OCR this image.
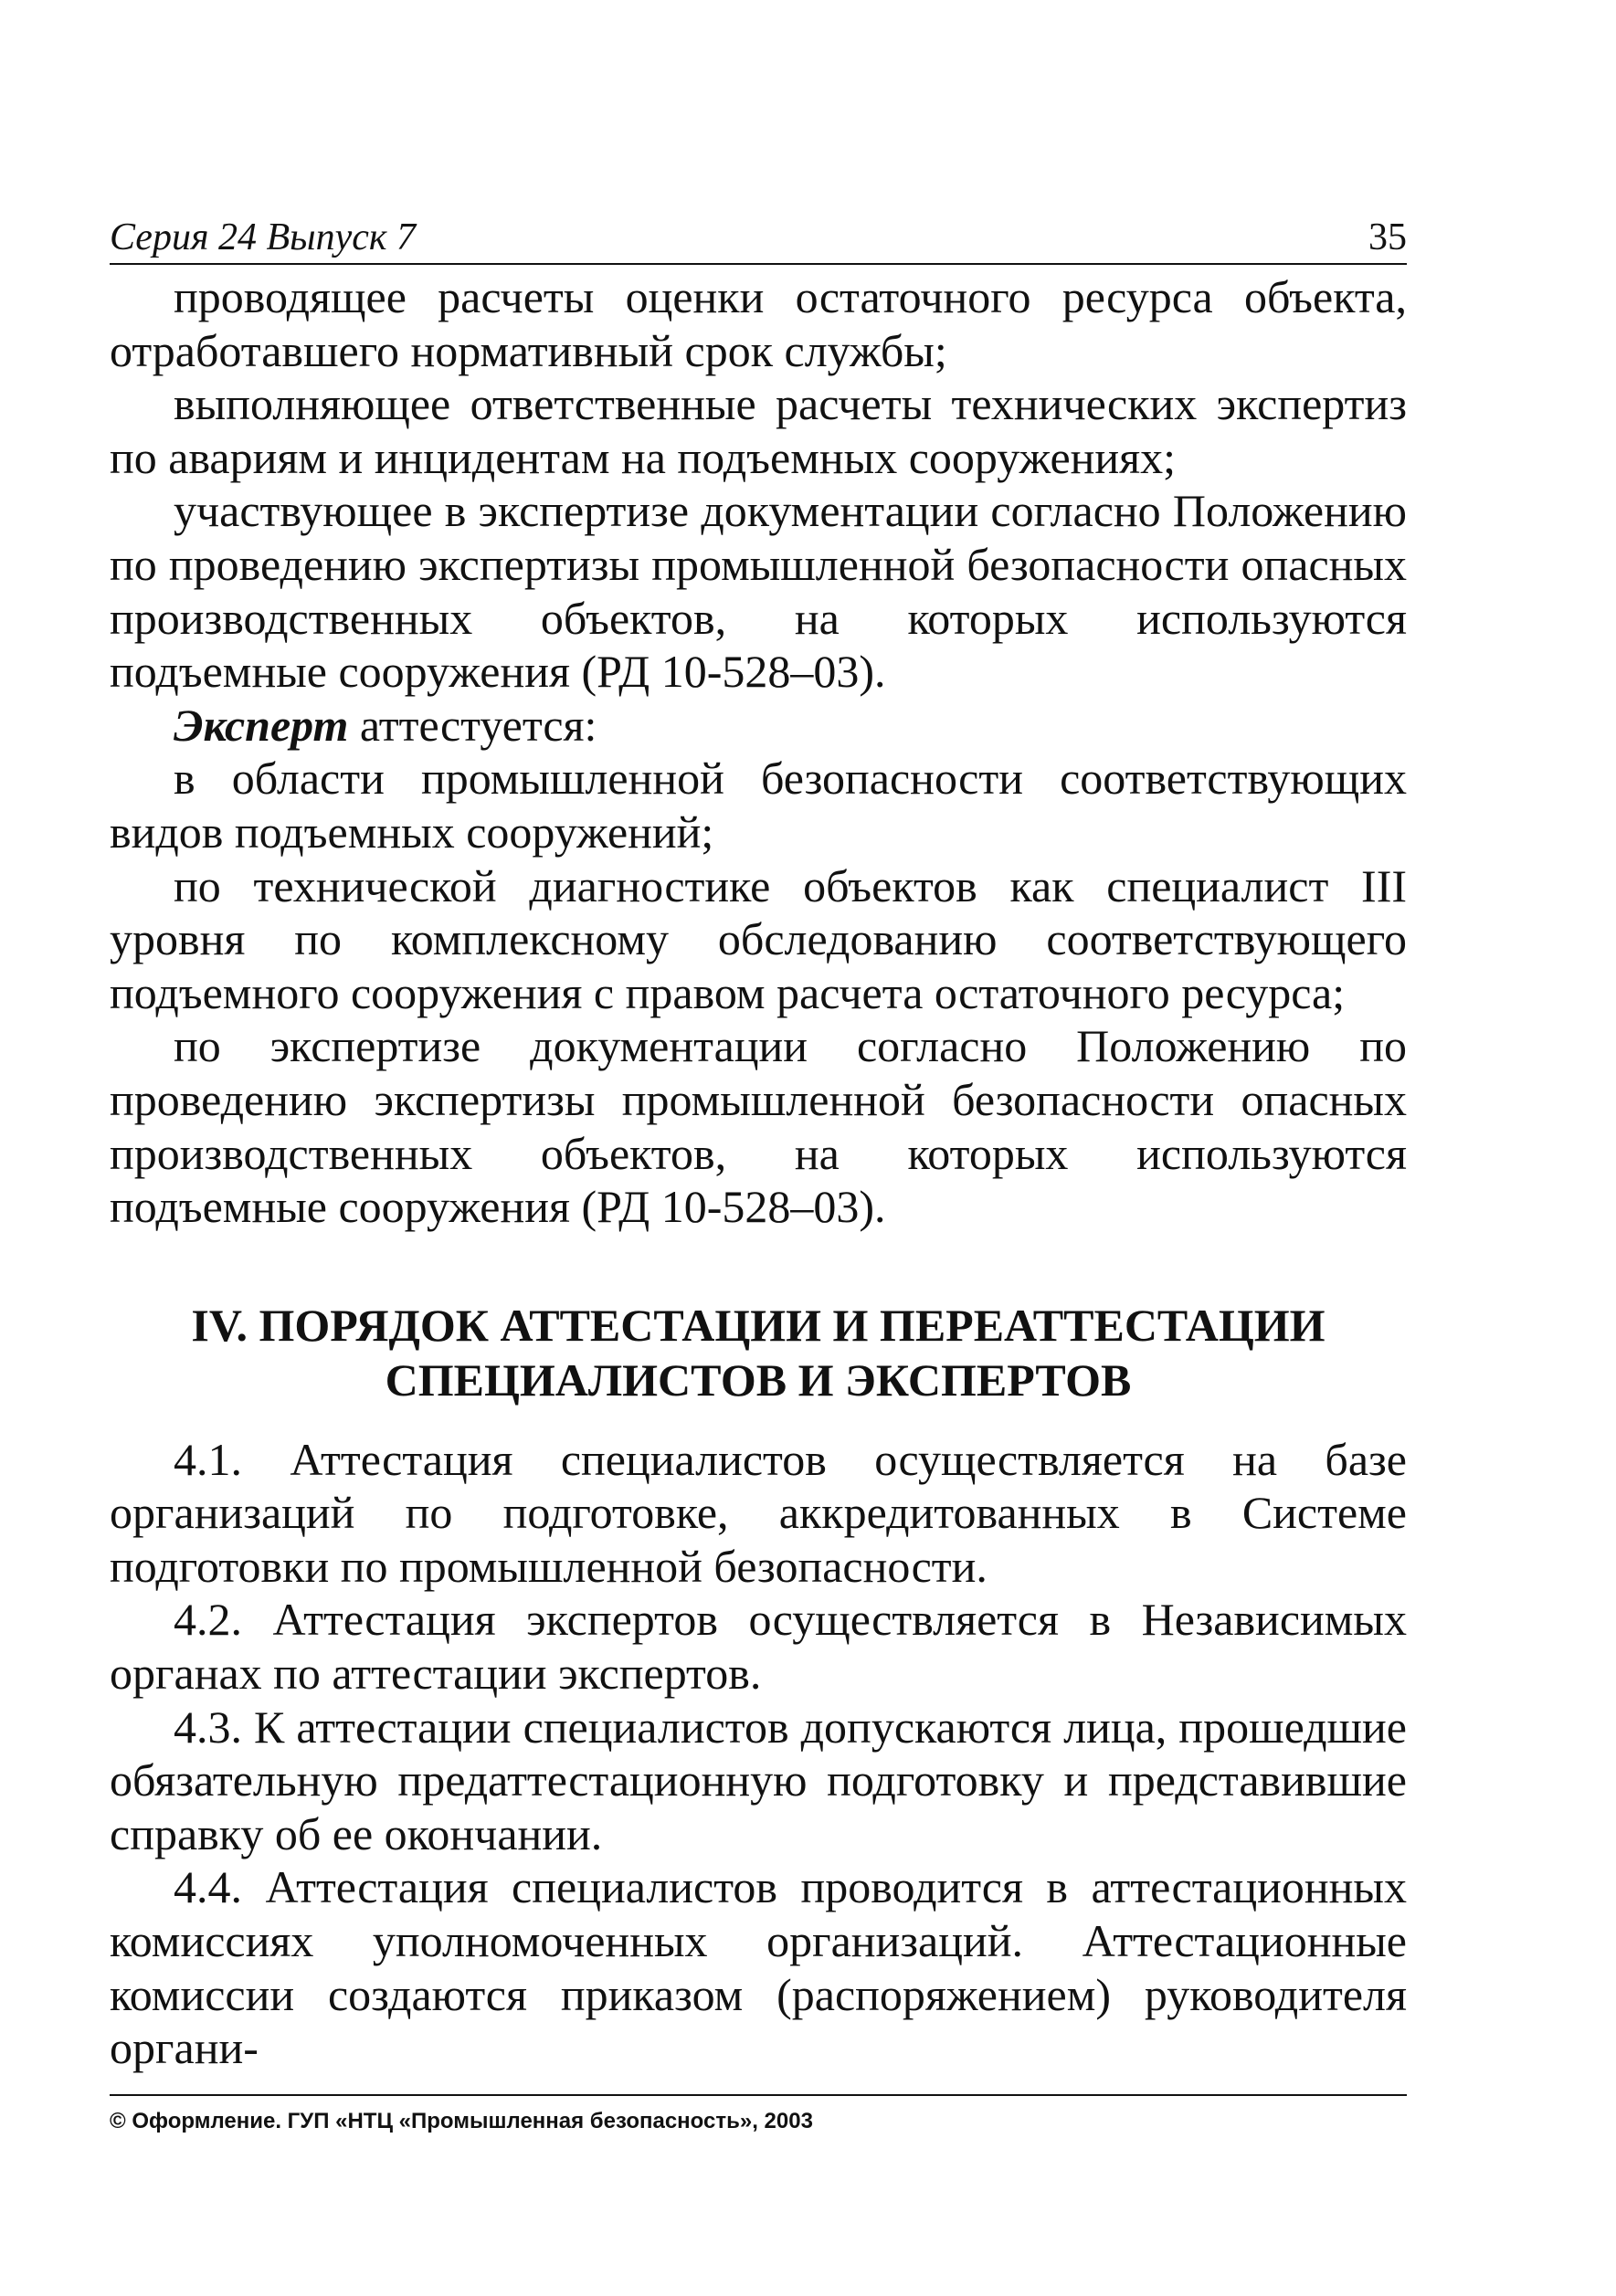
Серия 24 Выпуск 7	35

проводящее расчеты оценки остаточного ресурса объекта, отработавшего нормативный срок службы;

выполняющее ответственные расчеты технических экспертиз по авариям и инцидентам на подъемных сооружениях;

участвующее в экспертизе документации согласно Положению по проведению экспертизы промышленной безопасности опасных производственных объектов, на которых используются подъемные сооружения (РД 10-528–03).

Эксперт аттестуется:

в области промышленной безопасности соответствующих видов подъемных сооружений;

по технической диагностике объектов как специалист III уровня по комплексному обследованию соответствующего подъемного сооружения с правом расчета остаточного ресурса;

по экспертизе документации согласно Положению по проведению экспертизы промышленной безопасности опасных производственных объектов, на которых используются подъемные сооружения (РД 10-528–03).

IV. ПОРЯДОК АТТЕСТАЦИИ И ПЕРЕАТТЕСТАЦИИ
СПЕЦИАЛИСТОВ И ЭКСПЕРТОВ

4.1. Аттестация специалистов осуществляется на базе организаций по подготовке, аккредитованных в Системе подготовки по промышленной безопасности.

4.2. Аттестация экспертов осуществляется в Независимых органах по аттестации экспертов.

4.3. К аттестации специалистов допускаются лица, прошедшие обязательную предаттестационную подготовку и представившие справку об ее окончании.

4.4. Аттестация специалистов проводится в аттестационных комиссиях уполномоченных организаций. Аттестационные комиссии создаются приказом (распоряжением) руководителя органи-

© Оформление. ГУП «НТЦ «Промышленная безопасность», 2003
